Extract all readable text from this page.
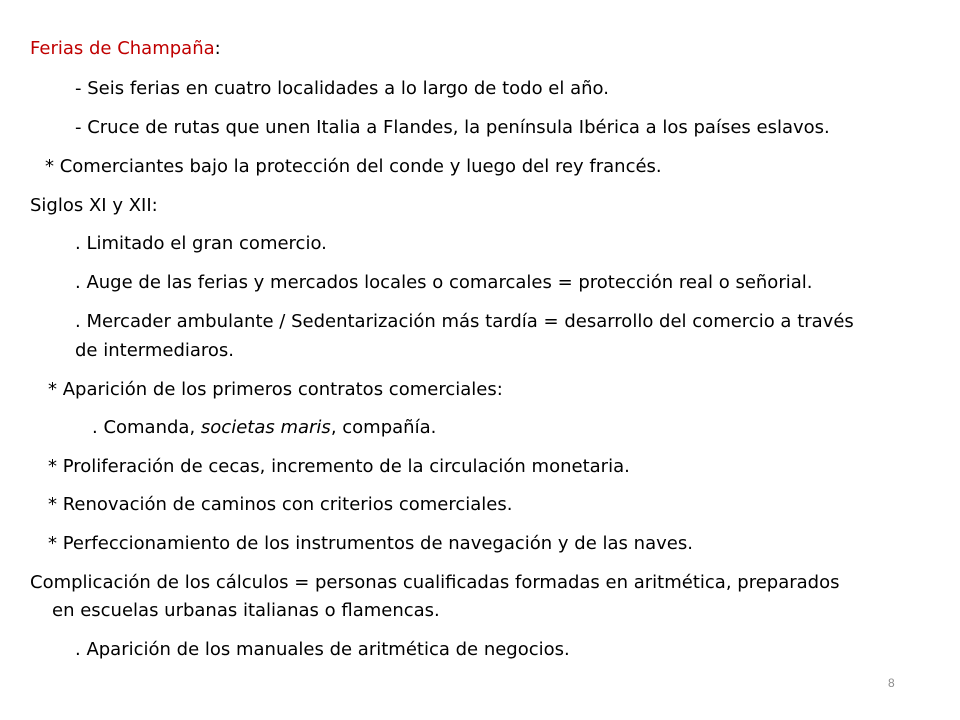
Ferias de Champaña:
- Seis ferias en cuatro localidades a lo largo de todo el año.
- Cruce de rutas que unen Italia a Flandes, la península Ibérica a los países eslavos.
* Comerciantes bajo la protección del conde y luego del rey francés.
Siglos XI y XII:
. Limitado el gran comercio.
. Auge de las ferias y mercados locales o comarcales = protección real o señorial.
. Mercader ambulante / Sedentarización más tardía = desarrollo del comercio a través
de intermediaros.
* Aparición de los primeros contratos comerciales:
. Comanda, societas maris, compañía.
* Proliferación de cecas, incremento de la circulación monetaria.
* Renovación de caminos con criterios comerciales.
* Perfeccionamiento de los instrumentos de navegación y de las naves.
Complicación de los cálculos = personas cualificadas formadas en aritmética, preparados
en escuelas urbanas italianas o flamencas.
. Aparición de los manuales de aritmética de negocios.
8
